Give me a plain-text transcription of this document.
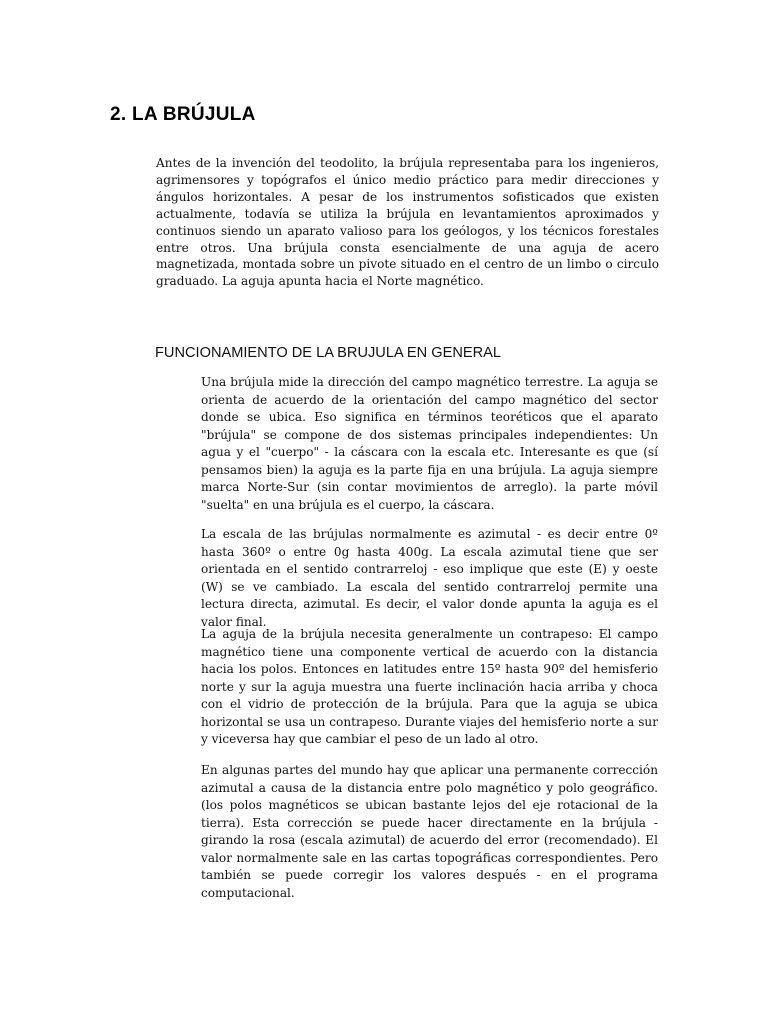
2. LA BRÚJULA

Antes de la invención del teodolito, la brújula representaba para los ingenieros, agrimensores y topógrafos el único medio práctico para medir direcciones y ángulos horizontales. A pesar de los instrumentos sofisticados que existen actualmente, todavía se utiliza la brújula en levantamientos aproximados y continuos siendo un aparato valioso para los geólogos, y los técnicos forestales entre otros. Una brújula consta esencialmente de una aguja de acero magnetizada, montada sobre un pivote situado en el centro de un limbo o circulo graduado. La aguja apunta hacia el Norte magnético.

FUNCIONAMIENTO DE LA BRUJULA EN GENERAL

Una brújula mide la dirección del campo magnético terrestre. La aguja se orienta de acuerdo de la orientación del campo magnético del sector donde se ubica. Eso significa en términos teoréticos que el aparato "brújula" se compone de dos sistemas principales independientes: Un agua y el "cuerpo" - la cáscara con la escala etc. Interesante es que (sí pensamos bien) la aguja es la parte fija en una brújula. La aguja siempre marca Norte-Sur (sin contar movimientos de arreglo). la parte móvil "suelta" en una brújula es el cuerpo, la cáscara.

La escala de las brújulas normalmente es azimutal - es decir entre 0º hasta 360º o entre 0g hasta 400g. La escala azimutal tiene que ser orientada en el sentido contrarreloj - eso implique que este (E) y oeste (W) se ve cambiado. La escala del sentido contrarreloj permite una lectura directa, azimutal. Es decir, el valor donde apunta la aguja es el valor final.

La aguja de la brújula necesita generalmente un contrapeso: El campo magnético tiene una componente vertical de acuerdo con la distancia hacia los polos. Entonces en latitudes entre 15º hasta 90º del hemisferio norte y sur la aguja muestra una fuerte inclinación hacia arriba y choca con el vidrio de protección de la brújula. Para que la aguja se ubica horizontal se usa un contrapeso. Durante viajes del hemisferio norte a sur y viceversa hay que cambiar el peso de un lado al otro.

En algunas partes del mundo hay que aplicar una permanente corrección azimutal a causa de la distancia entre polo magnético y polo geográfico. (los polos magnéticos se ubican bastante lejos del eje rotacional de la tierra). Esta corrección se puede hacer directamente en la brújula - girando la rosa (escala azimutal) de acuerdo del error (recomendado). El valor normalmente sale en las cartas topográficas correspondientes. Pero también se puede corregir los valores después - en el programa computacional.
